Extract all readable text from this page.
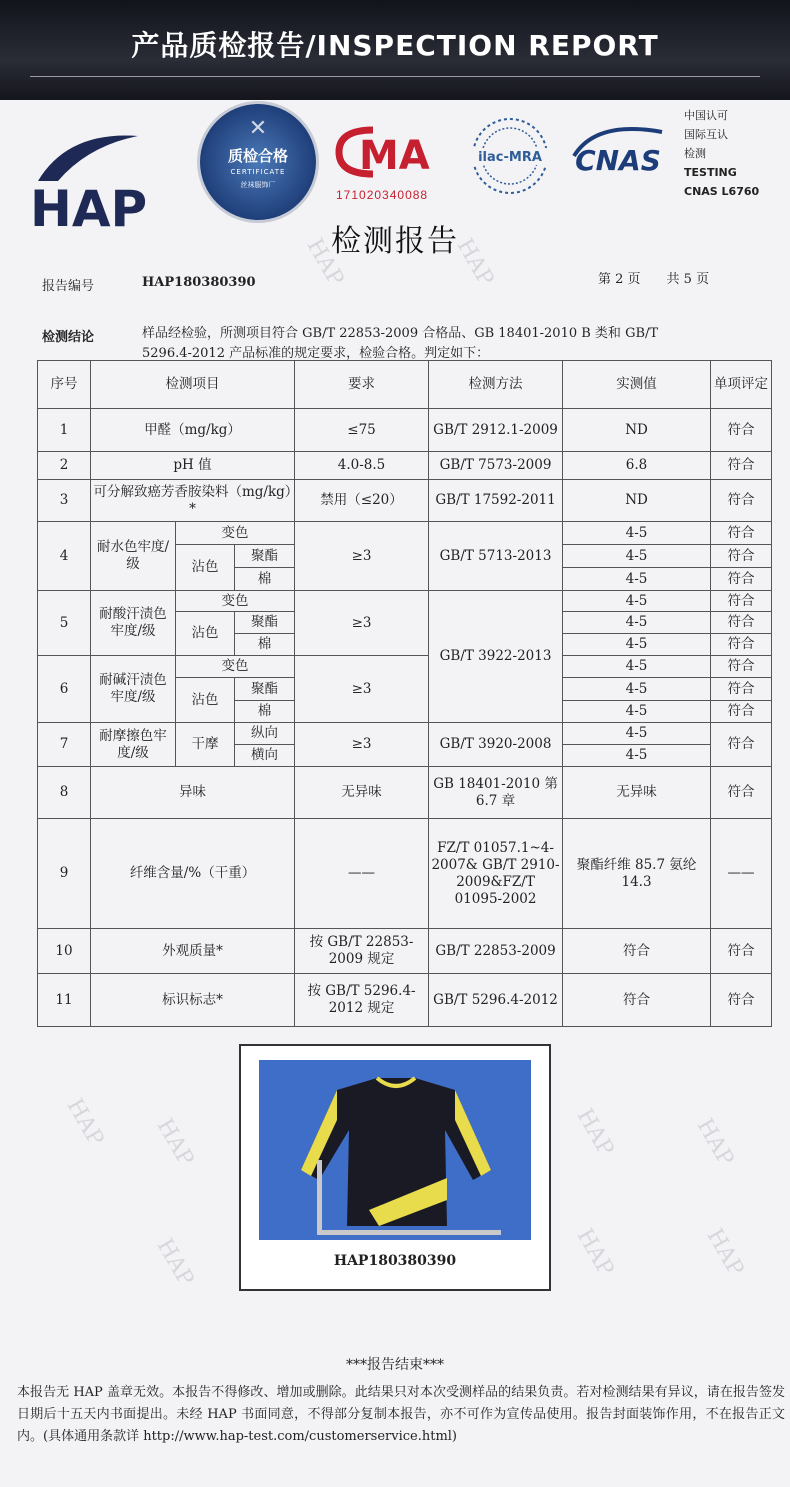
产品质检报告/INSPECTION REPORT
HAP	HAP
HAP HAP	HAP	HAP
HAP	HAP	HAP
HAP
✕
质检合格
CERTIFICATE
丝袜服饰厂
MA
171020340088
ilac-MRA CNAS
中国认可
国际互认
检测
TESTING
CNAS L6760
检测报告
报告编号	HAP180380390	第 2 页　　共 5 页
检测结论	样品经检验，所测项目符合 GB/T 22853-2009 合格品、GB 18401-2010 B 类和 GB/T
5296.4-2012 产品标准的规定要求，检验合格。判定如下：
序号	检测项目			要求	检测方法	实测值	单项评定
1	甲醛（mg/kg）			≤75	GB/T 2912.1-2009	ND	符合
2	pH 值			4.0-8.5	GB/T 7573-2009	6.8	符合
3	可分解致癌芳香胺染料（mg/kg）*			禁用（≤20）	GB/T 17592-2011	ND	符合
4	耐水色牢度/级	变色		≥3	GB/T 5713-2013	4-5	符合
		沾色	聚酯			4-5	符合
			棉			4-5	符合
5	耐酸汗渍色牢度/级	变色		≥3	GB/T 3922-2013	4-5	符合
		沾色	聚酯			4-5	符合
			棉			4-5	符合
6	耐碱汗渍色牢度/级	变色		≥3		4-5	符合
		沾色	聚酯			4-5	符合
			棉			4-5	符合
7	耐摩擦色牢度/级	干摩	纵向	≥3	GB/T 3920-2008	4-5	符合
			横向			4-5	
8	异味			无异味	GB 18401-2010 第 6.7 章	无异味	符合
9	纤维含量/%（干重）			——	FZ/T 01057.1~4-2007& GB/T 2910-2009&FZ/T 01095-2002	聚酯纤维 85.7 氨纶 14.3	——
10	外观质量*			按 GB/T 22853-2009 规定	GB/T 22853-2009	符合	符合
11	标识标志*			按 GB/T 5296.4-2012 规定	GB/T 5296.4-2012	符合	符合
HAP180380390
***报告结束***
本报告无 HAP 盖章无效。本报告不得修改、增加或删除。此结果只对本次受测样品的结果负责。若对检测结果有异议，请在报告签发日期后十五天内书面提出。未经 HAP 书面同意，不得部分复制本报告，亦不可作为宣传品使用。报告封面装饰作用，不在报告正文内。(具体通用条款详 http://www.hap-test.com/customerservice.html)
